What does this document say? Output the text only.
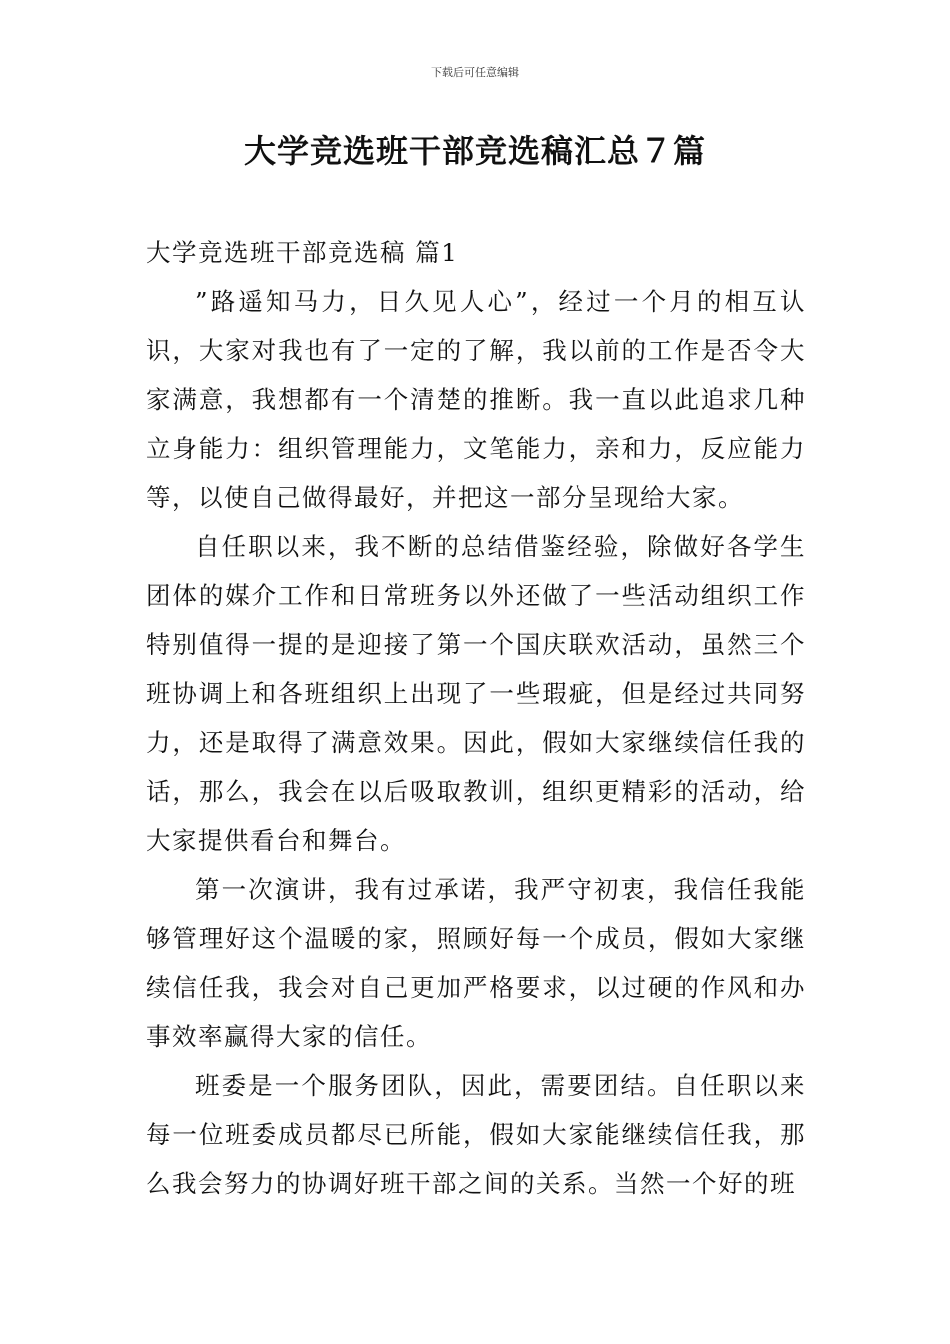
下载后可任意编辑
大学竞选班干部竞选稿汇总７篇
大学竞选班干部竞选稿 篇1

”路遥知马力，日久见人心”，经过一个月的相互认识，大家对我也有了一定的了解，我以前的工作是否令大家满意，我想都有一个清楚的推断。我一直以此追求几种立身能力：组织管理能力，文笔能力，亲和力，反应能力等，以使自己做得最好，并把这一部分呈现给大家。

自任职以来，我不断的总结借鉴经验，除做好各学生团体的媒介工作和日常班务以外还做了一些活动组织工作特别值得一提的是迎接了第一个国庆联欢活动，虽然三个班协调上和各班组织上出现了一些瑕疵，但是经过共同努力，还是取得了满意效果。因此，假如大家继续信任我的话，那么，我会在以后吸取教训，组织更精彩的活动，给大家提供看台和舞台。

第一次演讲，我有过承诺，我严守初衷，我信任我能够管理好这个温暖的家，照顾好每一个成员，假如大家继续信任我，我会对自己更加严格要求，以过硬的作风和办事效率赢得大家的信任。

班委是一个服务团队，因此，需要团结。自任职以来每一位班委成员都尽已所能，假如大家能继续信任我，那么我会努力的协调好班干部之间的关系。当然一个好的班
